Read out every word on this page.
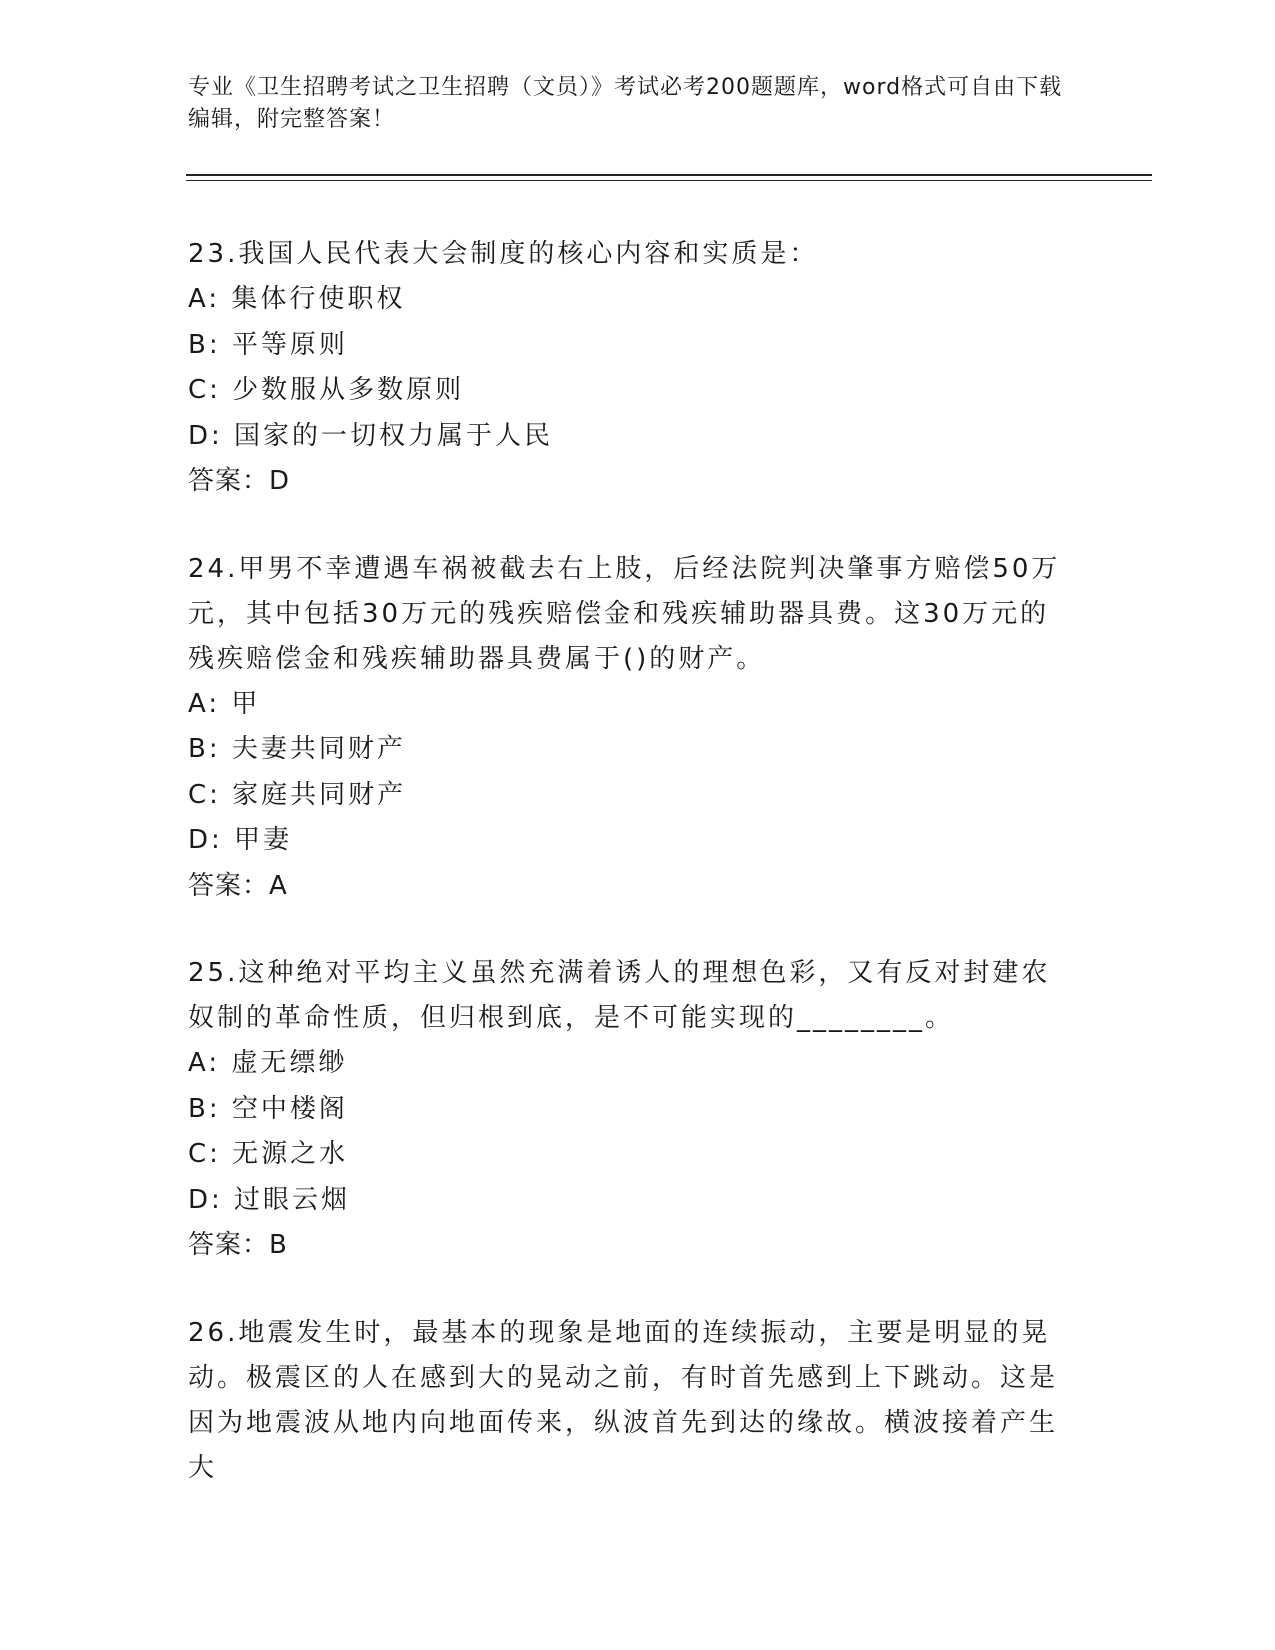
专业《卫生招聘考试之卫生招聘（文员）》考试必考200题题库，word格式可自由下载编辑，附完整答案！
23.我国人民代表大会制度的核心内容和实质是：
A: 集体行使职权
B: 平等原则
C: 少数服从多数原则
D: 国家的一切权力属于人民
答案：D
24.甲男不幸遭遇车祸被截去右上肢，后经法院判决肇事方赔偿50万元，其中包括30万元的残疾赔偿金和残疾辅助器具费。这30万元的残疾赔偿金和残疾辅助器具费属于()的财产。
A: 甲
B: 夫妻共同财产
C: 家庭共同财产
D: 甲妻
答案：A
25.这种绝对平均主义虽然充满着诱人的理想色彩，又有反对封建农奴制的革命性质，但归根到底，是不可能实现的________。
A: 虚无缥缈
B: 空中楼阁
C: 无源之水
D: 过眼云烟
答案：B
26.地震发生时，最基本的现象是地面的连续振动，主要是明显的晃动。极震区的人在感到大的晃动之前，有时首先感到上下跳动。这是因为地震波从地内向地面传来，纵波首先到达的缘故。横波接着产生大
